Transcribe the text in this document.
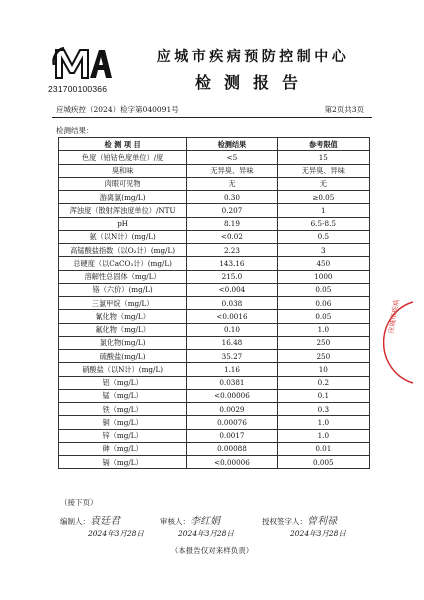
231700100366
应城市疾病预防控制中心
检测报告
应城疾控（2024）检字第040091号	第2页共3页
检测结果：
检 测 项 目	检测结果	参考限值
色度（铂钴色度单位）/度	<5	15
臭和味	无异臭、异味	无异臭、异味
肉眼可见物	无	无
游离氯(mg/L)	0.30	≥0.05
浑浊度（散射浑浊度单位）/NTU	0.207	1
pH	8.19	6.5-8.5
氨（以N计）(mg/L)	<0.02	0.5
高锰酸盐指数（以O₂计）(mg/L)	2.23	3
总硬度（以CaCO₃计）(mg/L)	143.16	450
溶解性总固体（mg/L）	215.0	1000
铬（六价）(mg/L)	<0.004	0.05
三氯甲烷（mg/L）	0.038	0.06
氰化物（mg/L）	<0.0016	0.05
氟化物（mg/L）	0.10	1.0
氯化物(mg/L)	16.48	250
硫酸盐(mg/L)	35.27	250
硝酸盐（以N计）(mg/L)	1.16	10
铝（mg/L）	0.0381	0.2
锰（mg/L）	<0.00006	0.1
铁（mg/L）	0.0029	0.3
铜（mg/L）	0.00076	1.0
锌（mg/L）	0.0017	1.0
砷（mg/L）	0.00088	0.01
镉（mg/L）	<0.00006	0.005
（接下页）
编制人：袁廷君	审核人：李红娟	授权签字人：曾利禄
2024年3月28日	2024年3月28日	2024年3月28日
（本报告仅对来样负责）
应城市疾病
